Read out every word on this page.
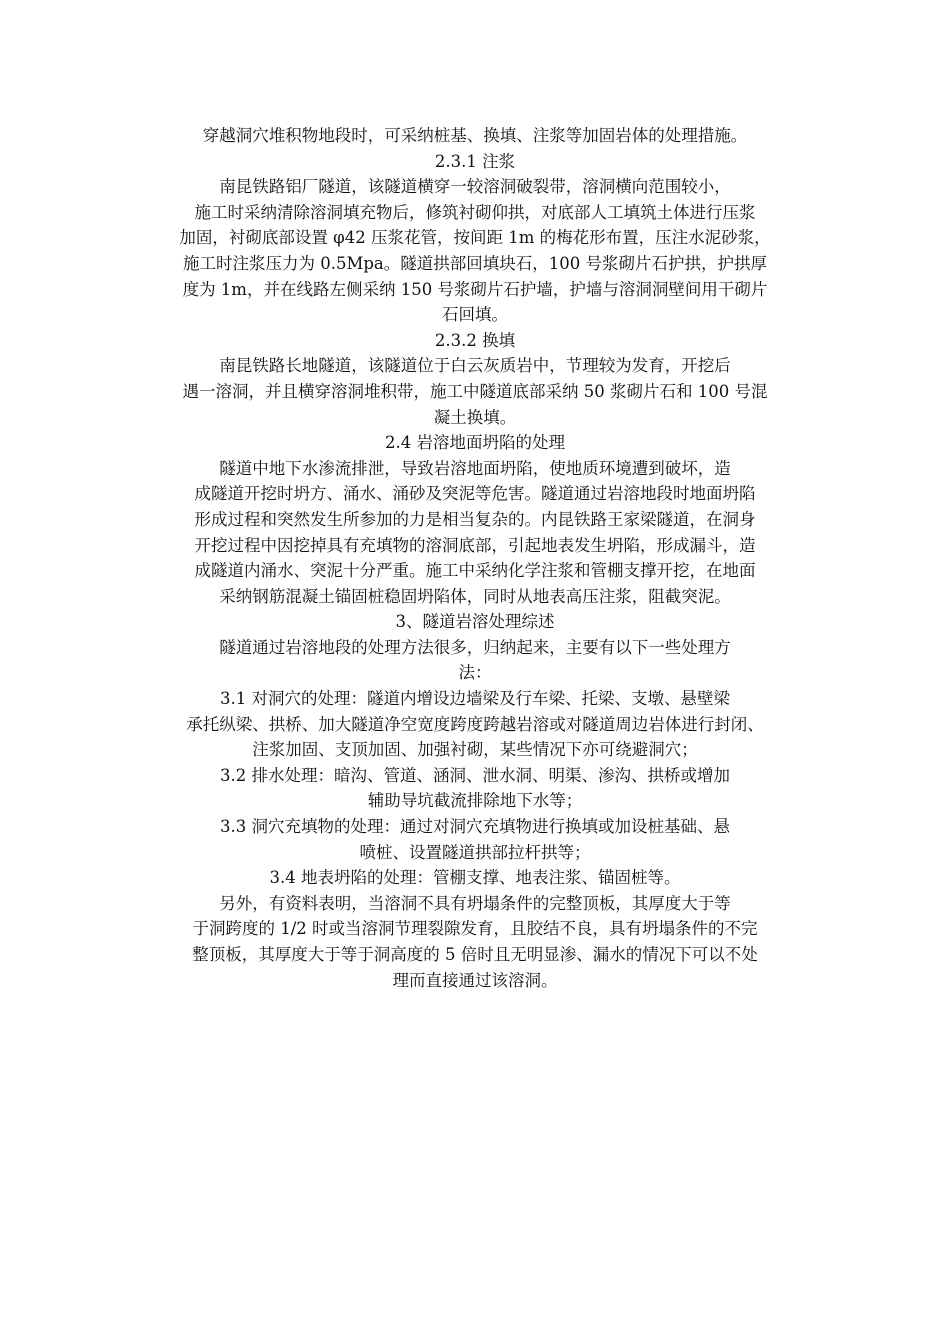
穿越洞穴堆积物地段时，可采纳桩基、换填、注浆等加固岩体的处理措施。
2.3.1 注浆
南昆铁路铝厂隧道，该隧道横穿一较溶洞破裂带，溶洞横向范围较小，
施工时采纳清除溶洞填充物后，修筑衬砌仰拱，对底部人工填筑土体进行压浆
加固，衬砌底部设置 φ42 压浆花管，按间距 1m 的梅花形布置，压注水泥砂浆，
施工时注浆压力为 0.5Mpa。隧道拱部回填块石，100 号浆砌片石护拱，护拱厚
度为 1m，并在线路左侧采纳 150 号浆砌片石护墙，护墙与溶洞洞壁间用干砌片
石回填。
2.3.2 换填
南昆铁路长地隧道，该隧道位于白云灰质岩中，节理较为发育，开挖后
遇一溶洞，并且横穿溶洞堆积带，施工中隧道底部采纳 50 浆砌片石和 100 号混
凝土换填。
2.4 岩溶地面坍陷的处理
隧道中地下水渗流排泄，导致岩溶地面坍陷，使地质环境遭到破坏，造
成隧道开挖时坍方、涌水、涌砂及突泥等危害。隧道通过岩溶地段时地面坍陷
形成过程和突然发生所参加的力是相当复杂的。内昆铁路王家梁隧道，在洞身
开挖过程中因挖掉具有充填物的溶洞底部，引起地表发生坍陷，形成漏斗，造
成隧道内涌水、突泥十分严重。施工中采纳化学注浆和管棚支撑开挖，在地面
采纳钢筋混凝土锚固桩稳固坍陷体，同时从地表高压注浆，阻截突泥。
3、隧道岩溶处理综述
隧道通过岩溶地段的处理方法很多，归纳起来，主要有以下一些处理方
法：
3.1 对洞穴的处理：隧道内增设边墙梁及行车梁、托梁、支墩、悬壁梁
承托纵梁、拱桥、加大隧道净空宽度跨度跨越岩溶或对隧道周边岩体进行封闭、
注浆加固、支顶加固、加强衬砌，某些情况下亦可绕避洞穴；
3.2 排水处理：暗沟、管道、涵洞、泄水洞、明渠、渗沟、拱桥或增加
辅助导坑截流排除地下水等；
3.3 洞穴充填物的处理：通过对洞穴充填物进行换填或加设桩基础、悬
喷桩、设置隧道拱部拉杆拱等；
3.4 地表坍陷的处理：管棚支撑、地表注浆、锚固桩等。
另外，有资料表明，当溶洞不具有坍塌条件的完整顶板，其厚度大于等
于洞跨度的 1/2 时或当溶洞节理裂隙发育，且胶结不良，具有坍塌条件的不完
整顶板，其厚度大于等于洞高度的 5 倍时且无明显渗、漏水的情况下可以不处
理而直接通过该溶洞。
